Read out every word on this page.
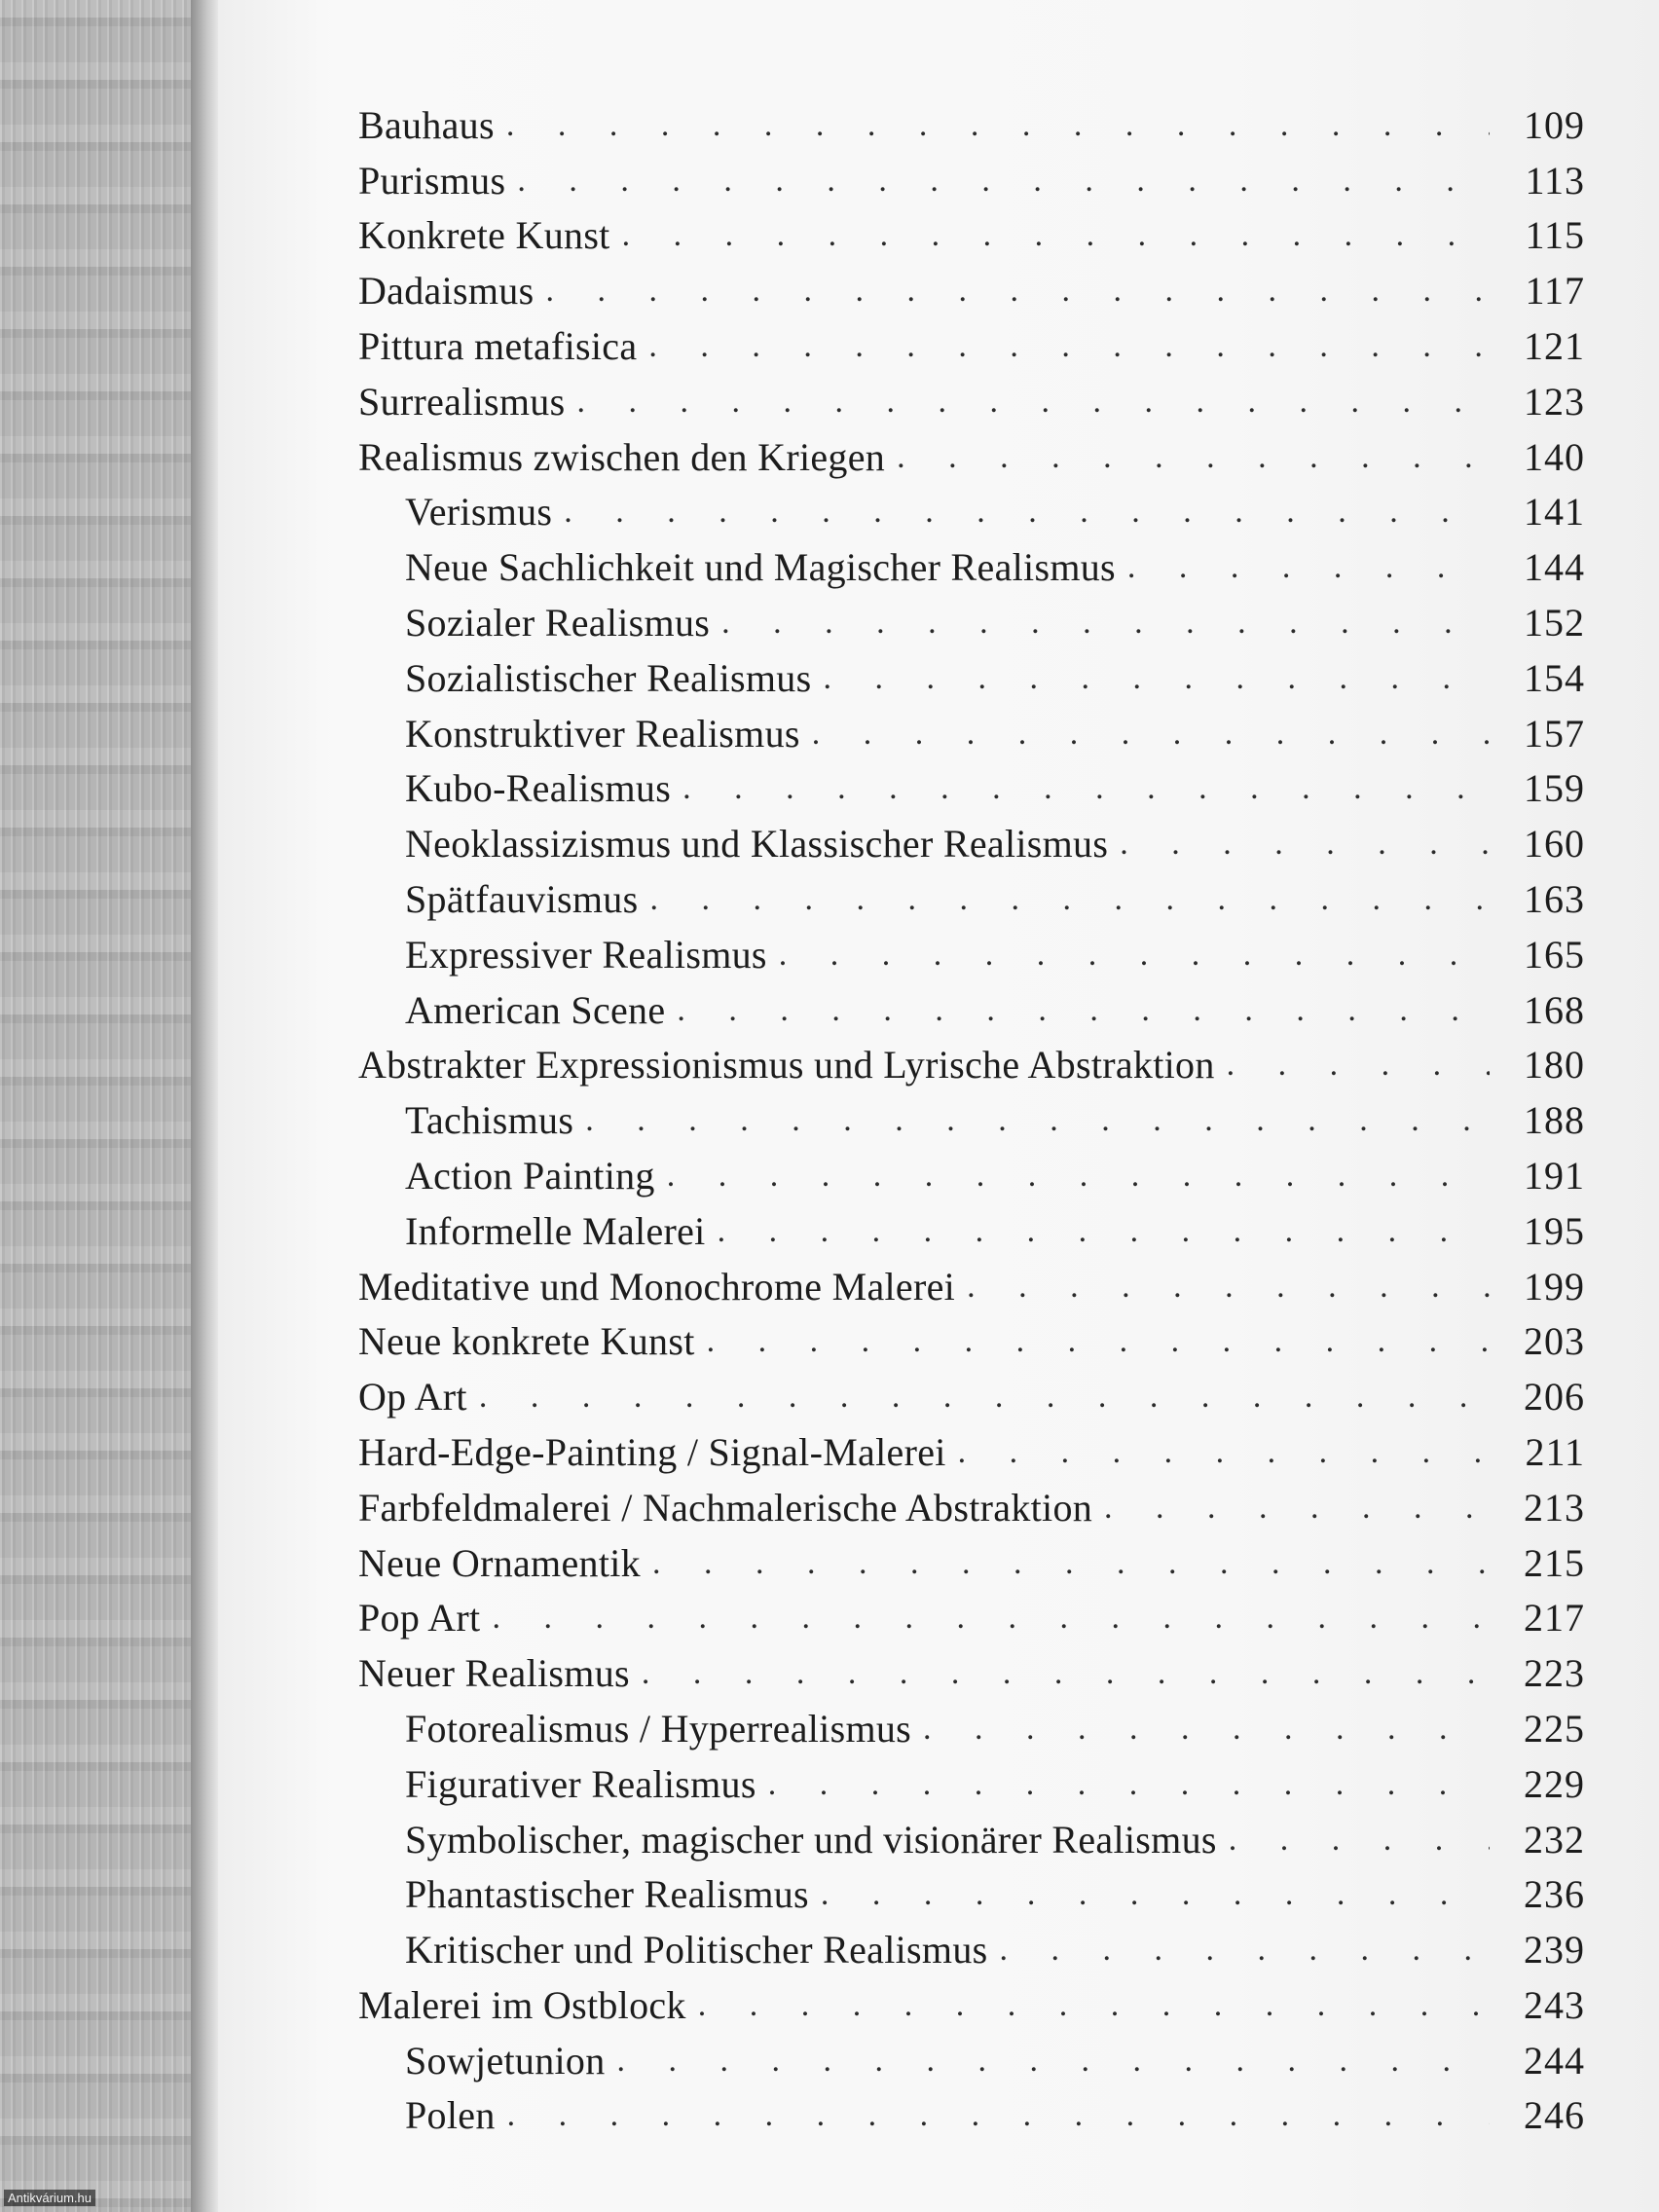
Bauhaus . . .	109
Purismus . . .	113
Konkrete Kunst . . .	115
Dadaismus . . .	117
Pittura metafisica . . .	121
Surrealismus . . .	123
Realismus zwischen den Kriegen . . .	140
Verismus . . .	141
Neue Sachlichkeit und Magischer Realismus . . .	144
Sozialer Realismus . . .	152
Sozialistischer Realismus . . .	154
Konstruktiver Realismus . . .	157
Kubo-Realismus . . .	159
Neoklassizismus und Klassischer Realismus . . .	160
Spätfauvismus . . .	163
Expressiver Realismus . . .	165
American Scene . . .	168
Abstrakter Expressionismus und Lyrische Abstraktion . . .	180
Tachismus . . .	188
Action Painting . . .	191
Informelle Malerei . . .	195
Meditative und Monochrome Malerei . . .	199
Neue konkrete Kunst . . .	203
Op Art . . .	206
Hard-Edge-Painting / Signal-Malerei . . .	211
Farbfeldmalerei / Nachmalerische Abstraktion . . .	213
Neue Ornamentik . . .	215
Pop Art . . .	217
Neuer Realismus . . .	223
Fotorealismus / Hyperrealismus . . .	225
Figurativer Realismus . . .	229
Symbolischer, magischer und visionärer Realismus . . .	232
Phantastischer Realismus . . .	236
Kritischer und Politischer Realismus . . .	239
Malerei im Ostblock . . .	243
Sowjetunion . . .	244
Polen . . .	246
Antikvárium.hu
